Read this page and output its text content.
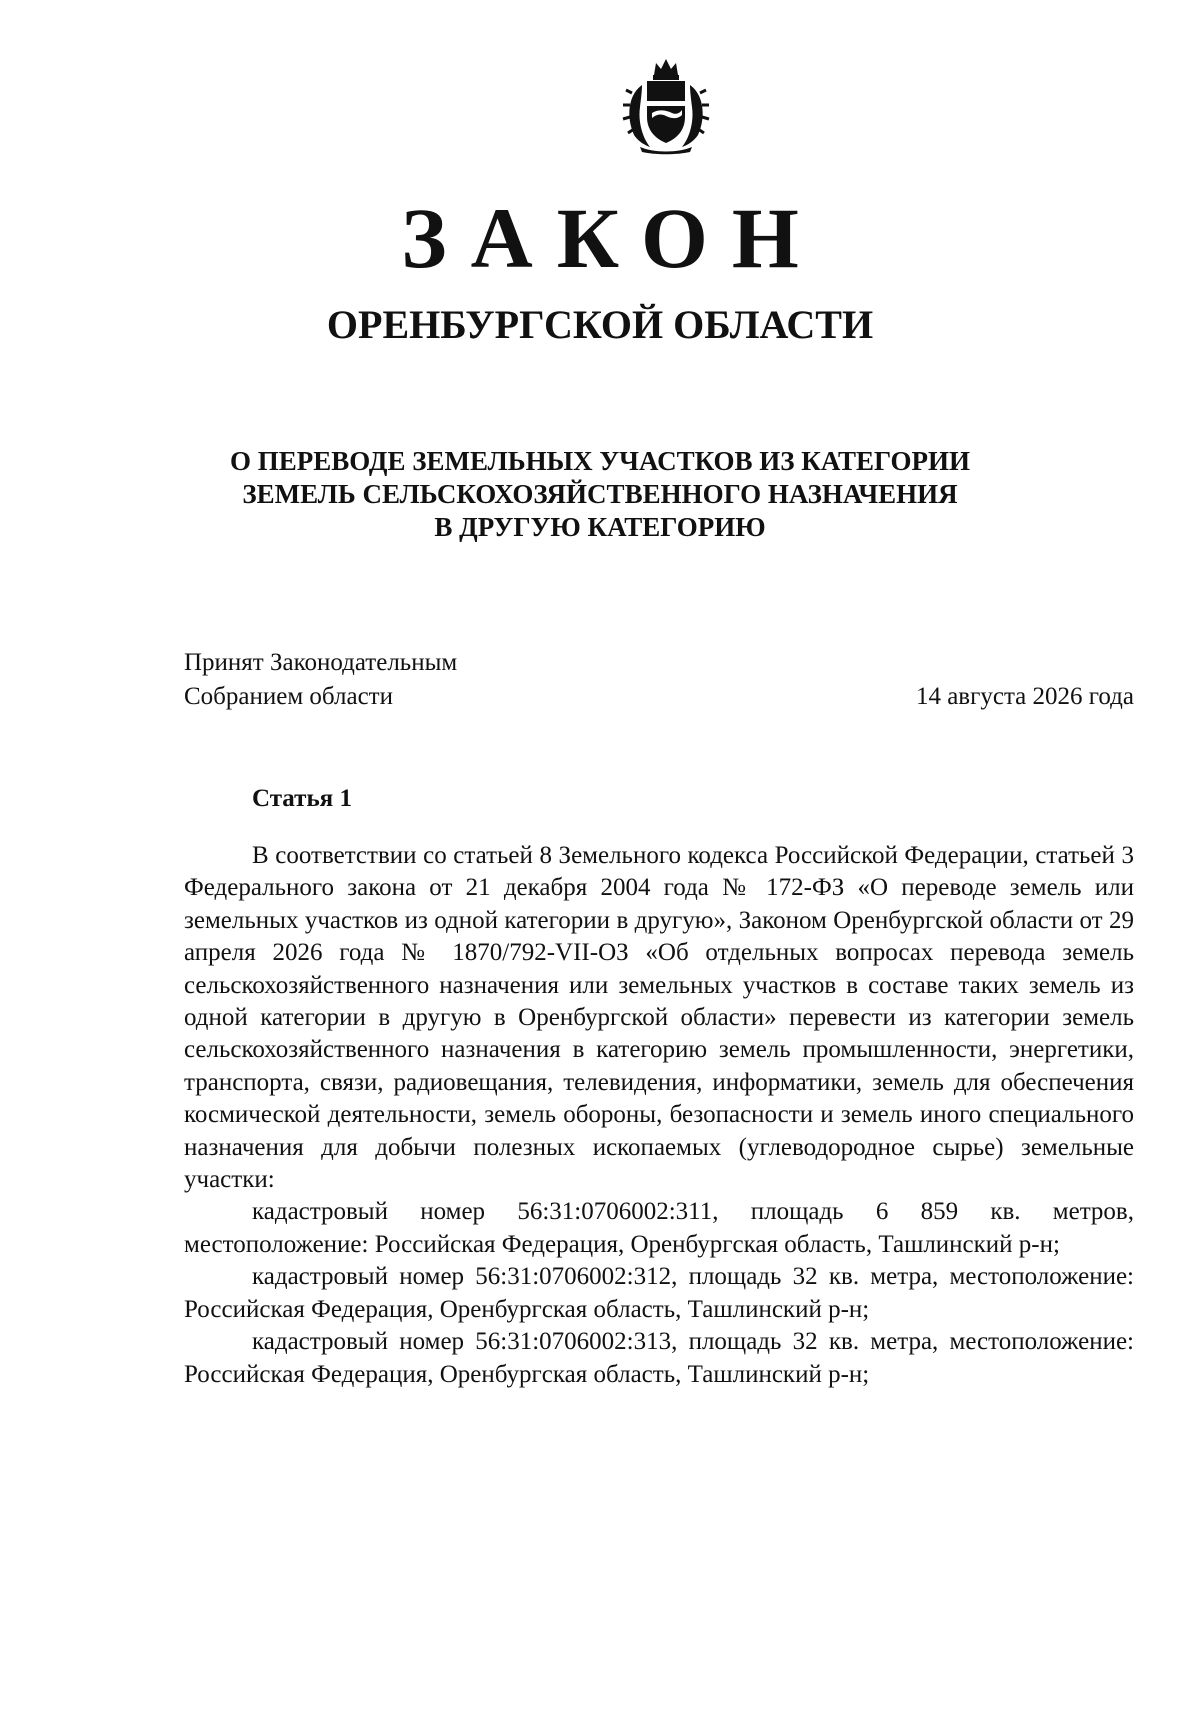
ЗАКОН
ОРЕНБУРГСКОЙ ОБЛАСТИ
О ПЕРЕВОДЕ ЗЕМЕЛЬНЫХ УЧАСТКОВ ИЗ КАТЕГОРИИ
ЗЕМЕЛЬ СЕЛЬСКОХОЗЯЙСТВЕННОГО НАЗНАЧЕНИЯ
В ДРУГУЮ КАТЕГОРИЮ
Принят Законодательным
Собранием области	14 августа 2026 года
Статья 1

В соответствии со статьей 8 Земельного кодекса Российской Федерации, статьей 3 Федерального закона от 21 декабря 2004 года № 172-ФЗ «О переводе земель или земельных участков из одной категории в другую», Законом Оренбургской области от 29 апреля 2026 года № 1870/792-VII-ОЗ «Об отдельных вопросах перевода земель сельскохозяйственного назначения или земельных участков в составе таких земель из одной категории в другую в Оренбургской области» перевести из категории земель сельскохозяйственного назначения в категорию земель промышленности, энергетики, транспорта, связи, радиовещания, телевидения, информатики, земель для обеспечения космической деятельности, земель обороны, безопасности и земель иного специального назначения для добычи полезных ископаемых (углеводородное сырье) земельные участки:

кадастровый номер 56:31:0706002:311, площадь 6 859 кв. метров, местоположение: Российская Федерация, Оренбургская область, Ташлинский р-н;

кадастровый номер 56:31:0706002:312, площадь 32 кв. метра, местоположение: Российская Федерация, Оренбургская область, Ташлинский р-н;

кадастровый номер 56:31:0706002:313, площадь 32 кв. метра, местоположение: Российская Федерация, Оренбургская область, Ташлинский р-н;
